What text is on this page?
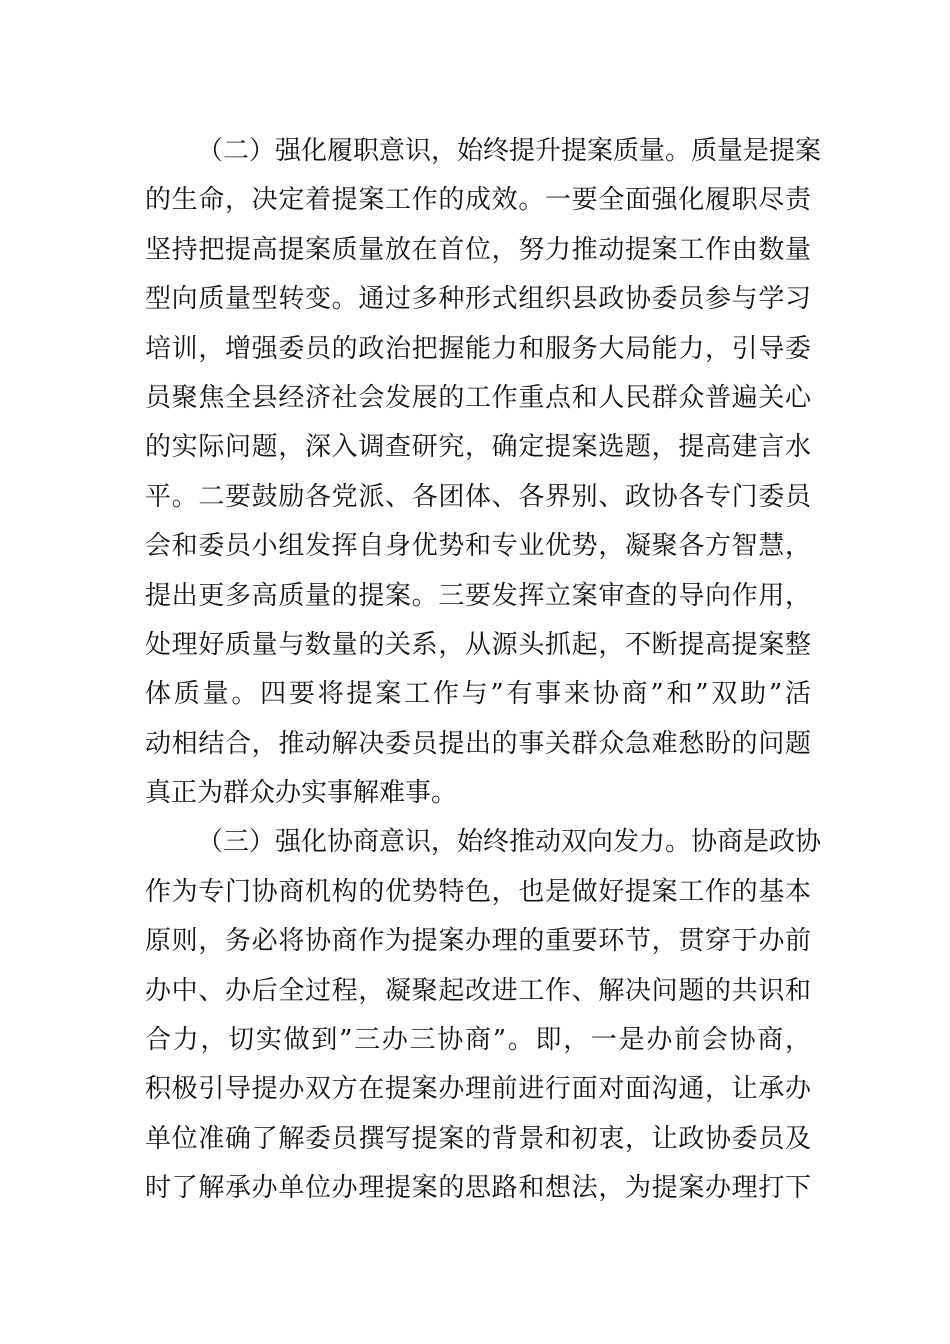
（二）强化履职意识，始终提升提案质量。质量是提案
的生命，决定着提案工作的成效。一要全面强化履职尽责
坚持把提高提案质量放在首位，努力推动提案工作由数量
型向质量型转变。通过多种形式组织县政协委员参与学习
培训，增强委员的政治把握能力和服务大局能力，引导委
员聚焦全县经济社会发展的工作重点和人民群众普遍关心
的实际问题，深入调查研究，确定提案选题，提高建言水
平。二要鼓励各党派、各团体、各界别、政协各专门委员
会和委员小组发挥自身优势和专业优势，凝聚各方智慧，
提出更多高质量的提案。三要发挥立案审查的导向作用，
处理好质量与数量的关系，从源头抓起，不断提高提案整
体质量。四要将提案工作与”有事来协商”和”双助”活
动相结合，推动解决委员提出的事关群众急难愁盼的问题
真正为群众办实事解难事。
（三）强化协商意识，始终推动双向发力。协商是政协
作为专门协商机构的优势特色，也是做好提案工作的基本
原则，务必将协商作为提案办理的重要环节，贯穿于办前
办中、办后全过程，凝聚起改进工作、解决问题的共识和
合力，切实做到”三办三协商”。即，一是办前会协商，
积极引导提办双方在提案办理前进行面对面沟通，让承办
单位准确了解委员撰写提案的背景和初衷，让政协委员及
时了解承办单位办理提案的思路和想法，为提案办理打下
